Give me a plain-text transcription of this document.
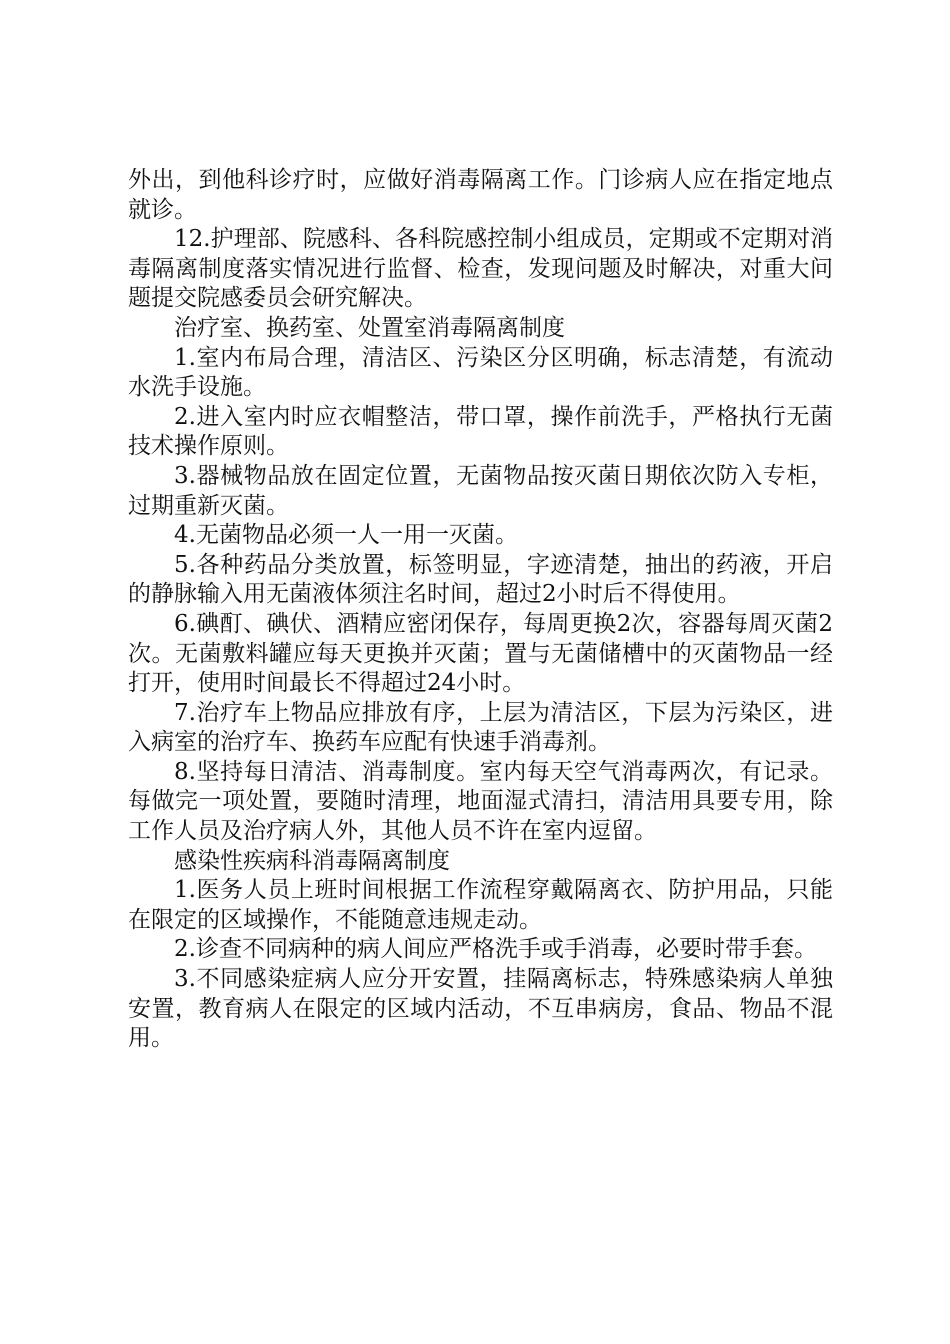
外出，到他科诊疗时，应做好消毒隔离工作。门诊病人应在指定地点就诊。

12.护理部、院感科、各科院感控制小组成员，定期或不定期对消毒隔离制度落实情况进行监督、检查，发现问题及时解决，对重大问题提交院感委员会研究解决。

治疗室、换药室、处置室消毒隔离制度

1.室内布局合理，清洁区、污染区分区明确，标志清楚，有流动水洗手设施。

2.进入室内时应衣帽整洁，带口罩，操作前洗手，严格执行无菌技术操作原则。

3.器械物品放在固定位置，无菌物品按灭菌日期依次防入专柜，过期重新灭菌。

4.无菌物品必须一人一用一灭菌。

5.各种药品分类放置，标签明显，字迹清楚，抽出的药液，开启的静脉输入用无菌液体须注名时间，超过2小时后不得使用。

6.碘酊、碘伏、酒精应密闭保存，每周更换2次，容器每周灭菌2次。无菌敷料罐应每天更换并灭菌；置与无菌储槽中的灭菌物品一经打开，使用时间最长不得超过24小时。

7.治疗车上物品应排放有序，上层为清洁区，下层为污染区，进入病室的治疗车、换药车应配有快速手消毒剂。

8.坚持每日清洁、消毒制度。室内每天空气消毒两次，有记录。每做完一项处置，要随时清理，地面湿式清扫，清洁用具要专用，除工作人员及治疗病人外，其他人员不许在室内逗留。

感染性疾病科消毒隔离制度

1.医务人员上班时间根据工作流程穿戴隔离衣、防护用品，只能在限定的区域操作，不能随意违规走动。

2.诊查不同病种的病人间应严格洗手或手消毒，必要时带手套。

3.不同感染症病人应分开安置，挂隔离标志，特殊感染病人单独安置，教育病人在限定的区域内活动，不互串病房，食品、物品不混用。
